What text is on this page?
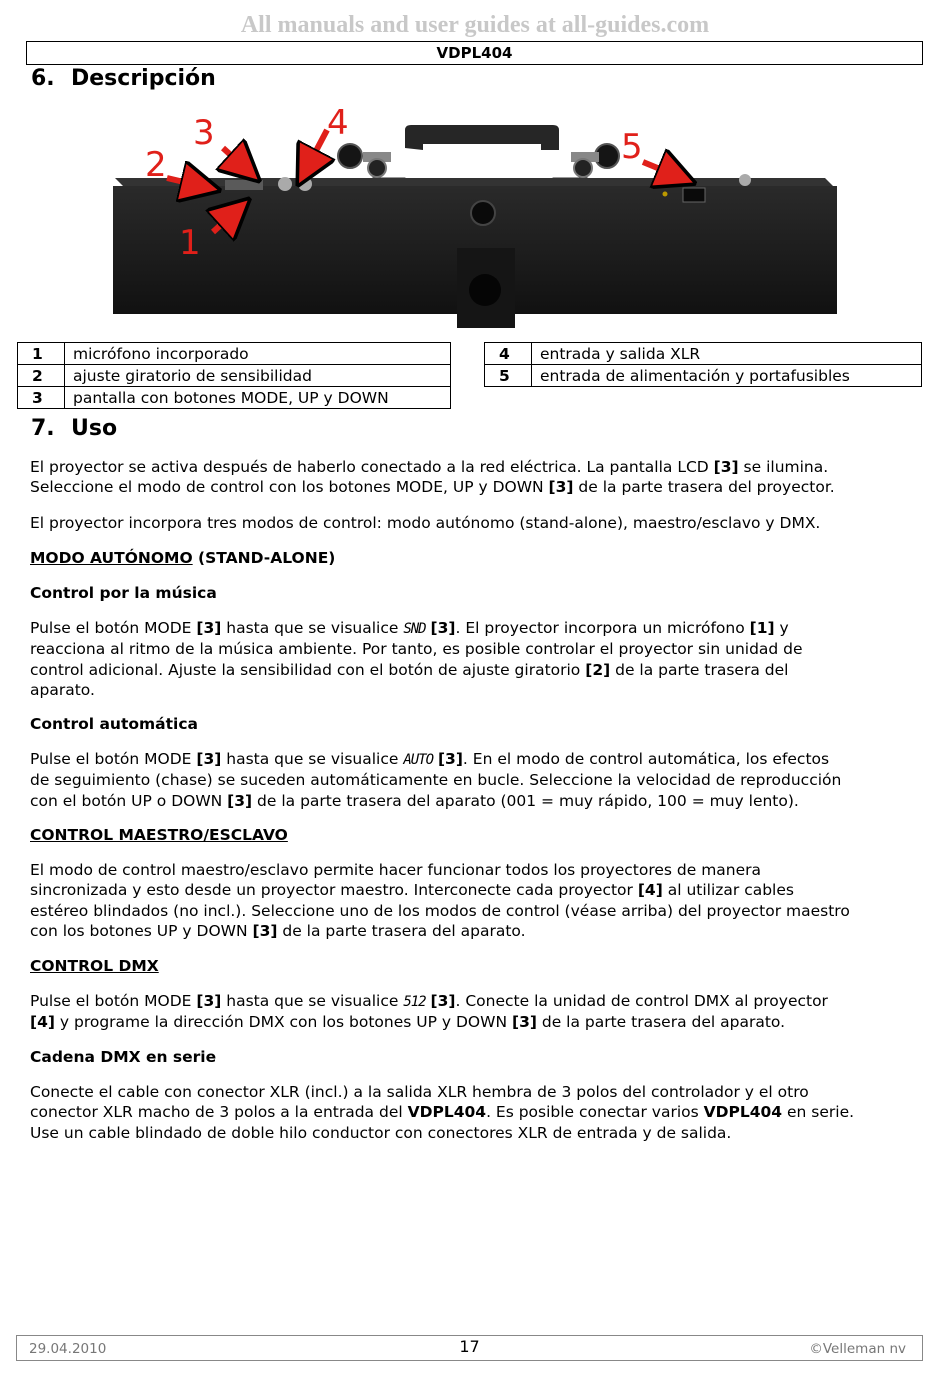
All manuals and user guides at all-guides.com
VDPL404
6. Descripción
2
3	4
1
5
1	micrófono incorporado
2	ajuste giratorio de sensibilidad
3	pantalla con botones MODE, UP y DOWN
4	entrada y salida XLR
5	entrada de alimentación y portafusibles
7. Uso

El proyector se activa después de haberlo conectado a la red eléctrica. La pantalla LCD [3] se ilumina.

Seleccione el modo de control con los botones MODE, UP y DOWN [3] de la parte trasera del proyector.

El proyector incorpora tres modos de control: modo autónomo (stand-alone), maestro/esclavo y DMX.

MODO AUTÓNOMO (STAND-ALONE)

Control por la música

Pulse el botón MODE [3] hasta que se visualice SND [3]. El proyector incorpora un micrófono [1] y

reacciona al ritmo de la música ambiente. Por tanto, es posible controlar el proyector sin unidad de

control adicional. Ajuste la sensibilidad con el botón de ajuste giratorio [2] de la parte trasera del

aparato.

Control automática

Pulse el botón MODE [3] hasta que se visualice AUTO [3]. En el modo de control automática, los efectos

de seguimiento (chase) se suceden automáticamente en bucle. Seleccione la velocidad de reproducción

con el botón UP o DOWN [3] de la parte trasera del aparato (001 = muy rápido, 100 = muy lento).

CONTROL MAESTRO/ESCLAVO

El modo de control maestro/esclavo permite hacer funcionar todos los proyectores de manera

sincronizada y esto desde un proyector maestro. Interconecte cada proyector [4] al utilizar cables

estéreo blindados (no incl.). Seleccione uno de los modos de control (véase arriba) del proyector maestro

con los botones UP y DOWN [3] de la parte trasera del aparato.

CONTROL DMX

Pulse el botón MODE [3] hasta que se visualice 512 [3]. Conecte la unidad de control DMX al proyector

[4] y programe la dirección DMX con los botones UP y DOWN [3] de la parte trasera del aparato.

Cadena DMX en serie

Conecte el cable con conector XLR (incl.) a la salida XLR hembra de 3 polos del controlador y el otro

conector XLR macho de 3 polos a la entrada del VDPL404. Es posible conectar varios VDPL404 en serie.

Use un cable blindado de doble hilo conductor con conectores XLR de entrada y de salida.

29.04.2010	17	©Velleman nv
